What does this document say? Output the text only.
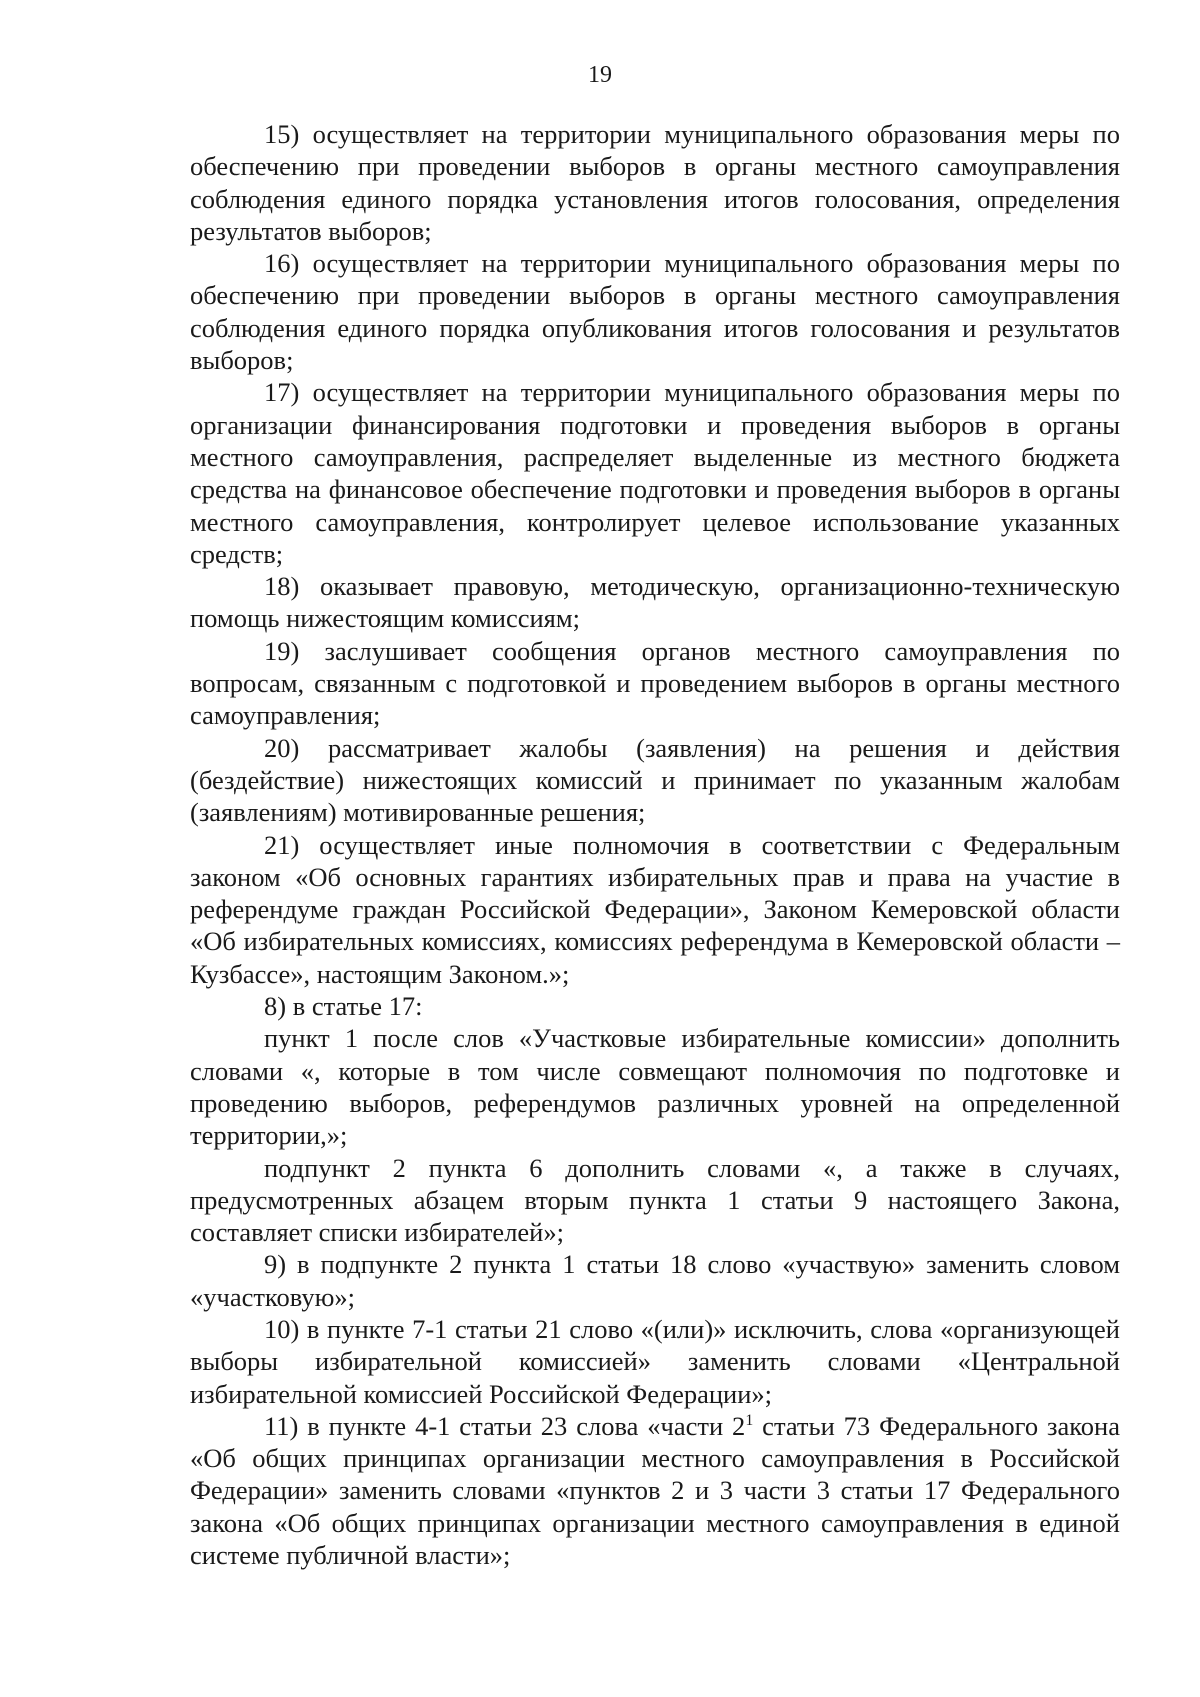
19

15) осуществляет на территории муниципального образования меры по обеспечению при проведении выборов в органы местного самоуправления соблюдения единого порядка установления итогов голосования, определения результатов выборов;

16) осуществляет на территории муниципального образования меры по обеспечению при проведении выборов в органы местного самоуправления соблюдения единого порядка опубликования итогов голосования и результатов выборов;

17) осуществляет на территории муниципального образования меры по организации финансирования подготовки и проведения выборов в органы местного самоуправления, распределяет выделенные из местного бюджета средства на финансовое обеспечение подготовки и проведения выборов в органы местного самоуправления, контролирует целевое использование указанных средств;

18) оказывает правовую, методическую, организационно-техническую помощь нижестоящим комиссиям;

19) заслушивает сообщения органов местного самоуправления по вопросам, связанным с подготовкой и проведением выборов в органы местного самоуправления;

20) рассматривает жалобы (заявления) на решения и действия (бездействие) нижестоящих комиссий и принимает по указанным жалобам (заявлениям) мотивированные решения;

21) осуществляет иные полномочия в соответствии с Федеральным законом «Об основных гарантиях избирательных прав и права на участие в референдуме граждан Российской Федерации», Законом Кемеровской области «Об избирательных комиссиях, комиссиях референдума в Кемеровской области – Кузбассе», настоящим Законом.»;

8) в статье 17:

пункт 1 после слов «Участковые избирательные комиссии» дополнить словами «, которые в том числе совмещают полномочия по подготовке и проведению выборов, референдумов различных уровней на определенной территории,»;

подпункт 2 пункта 6 дополнить словами «, а также в случаях, предусмотренных абзацем вторым пункта 1 статьи 9 настоящего Закона, составляет списки избирателей»;

9) в подпункте 2 пункта 1 статьи 18 слово «участвую» заменить словом «участковую»;

10) в пункте 7-1 статьи 21 слово «(или)» исключить, слова «организующей выборы избирательной комиссией» заменить словами «Центральной избирательной комиссией Российской Федерации»;

11) в пункте 4-1 статьи 23 слова «части $2^1$ статьи 73 Федерального закона «Об общих принципах организации местного самоуправления в Российской Федерации» заменить словами «пунктов 2 и 3 части 3 статьи 17 Федерального закона «Об общих принципах организации местного самоуправления в единой системе публичной власти»;
